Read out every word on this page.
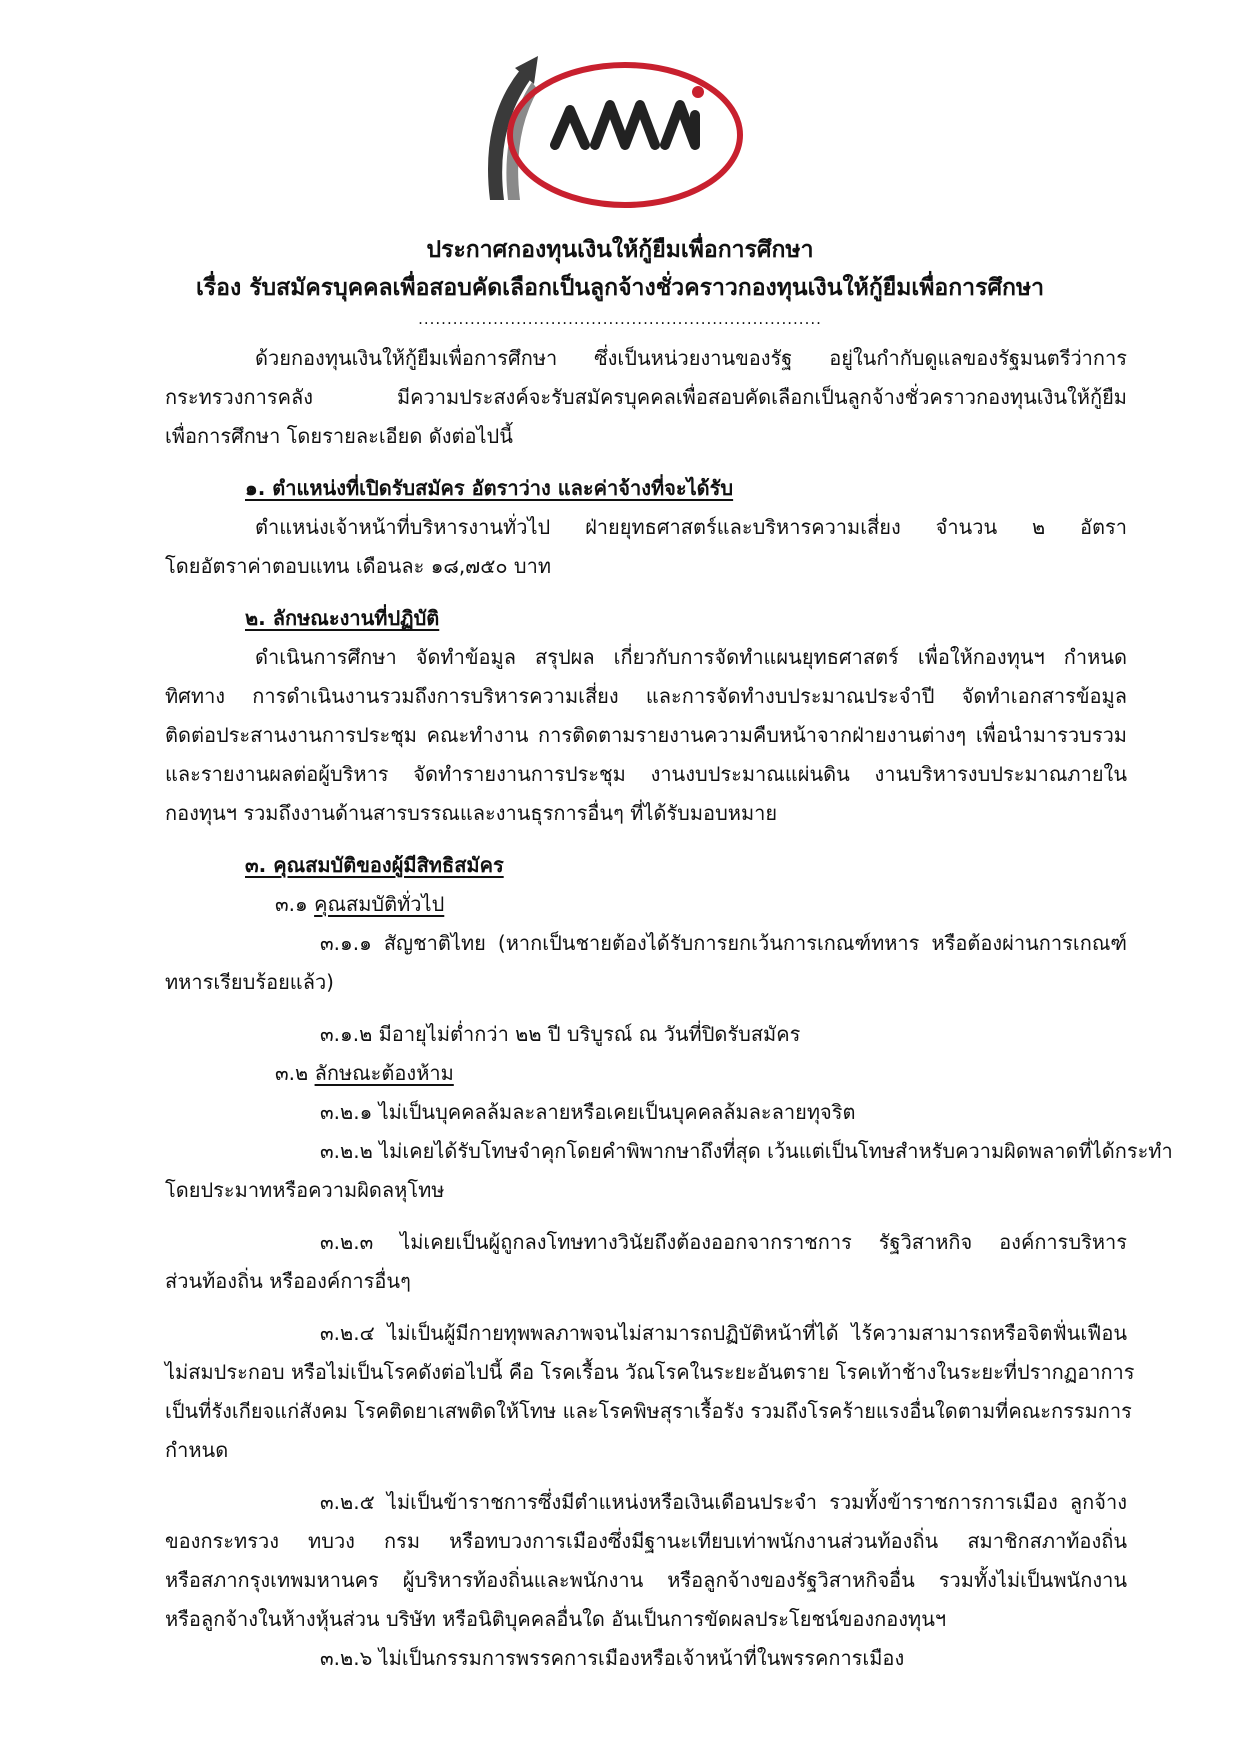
ประกาศกองทุนเงินให้กู้ยืมเพื่อการศึกษา
เรื่อง รับสมัครบุคคลเพื่อสอบคัดเลือกเป็นลูกจ้างชั่วคราวกองทุนเงินให้กู้ยืมเพื่อการศึกษา
......................................................................
ด้วยกองทุนเงินให้กู้ยืมเพื่อการศึกษา ซึ่งเป็นหน่วยงานของรัฐ อยู่ในกำกับดูแลของรัฐมนตรีว่าการ
กระทรวงการคลัง มีความประสงค์จะรับสมัครบุคคลเพื่อสอบคัดเลือกเป็นลูกจ้างชั่วคราวกองทุนเงินให้กู้ยืม
เพื่อการศึกษา โดยรายละเอียด ดังต่อไปนี้
๑. ตำแหน่งที่เปิดรับสมัคร อัตราว่าง และค่าจ้างที่จะได้รับ
ตำแหน่งเจ้าหน้าที่บริหารงานทั่วไป ฝ่ายยุทธศาสตร์และบริหารความเสี่ยง จำนวน ๒ อัตรา
โดยอัตราค่าตอบแทน เดือนละ ๑๘,๗๕๐ บาท
๒. ลักษณะงานที่ปฏิบัติ
ดำเนินการศึกษา จัดทำข้อมูล สรุปผล เกี่ยวกับการจัดทำแผนยุทธศาสตร์ เพื่อให้กองทุนฯ กำหนด
ทิศทาง การดำเนินงานรวมถึงการบริหารความเสี่ยง และการจัดทำงบประมาณประจำปี จัดทำเอกสารข้อมูล
ติดต่อประสานงานการประชุม คณะทำงาน การติดตามรายงานความคืบหน้าจากฝ่ายงานต่างๆ เพื่อนำมารวบรวม
และรายงานผลต่อผู้บริหาร จัดทำรายงานการประชุม งานงบประมาณแผ่นดิน งานบริหารงบประมาณภายใน
กองทุนฯ รวมถึงงานด้านสารบรรณและงานธุรการอื่นๆ ที่ได้รับมอบหมาย
๓. คุณสมบัติของผู้มีสิทธิสมัคร
๓.๑ คุณสมบัติทั่วไป
๓.๑.๑ สัญชาติไทย (หากเป็นชายต้องได้รับการยกเว้นการเกณฑ์ทหาร หรือต้องผ่านการเกณฑ์
ทหารเรียบร้อยแล้ว)
๓.๑.๒ มีอายุไม่ต่ำกว่า ๒๒ ปี บริบูรณ์ ณ วันที่ปิดรับสมัคร
๓.๒ ลักษณะต้องห้าม
๓.๒.๑ ไม่เป็นบุคคลล้มละลายหรือเคยเป็นบุคคลล้มละลายทุจริต
๓.๒.๒ ไม่เคยได้รับโทษจำคุกโดยคำพิพากษาถึงที่สุด เว้นแต่เป็นโทษสำหรับความผิดพลาดที่ได้กระทำ
โดยประมาทหรือความผิดลหุโทษ
๓.๒.๓ ไม่เคยเป็นผู้ถูกลงโทษทางวินัยถึงต้องออกจากราชการ รัฐวิสาหกิจ องค์การบริหาร
ส่วนท้องถิ่น หรือองค์การอื่นๆ
๓.๒.๔ ไม่เป็นผู้มีกายทุพพลภาพจนไม่สามารถปฏิบัติหน้าที่ได้ ไร้ความสามารถหรือจิตฟั่นเฟือน
ไม่สมประกอบ หรือไม่เป็นโรคดังต่อไปนี้ คือ โรคเรื้อน วัณโรคในระยะอันตราย โรคเท้าช้างในระยะที่ปรากฏอาการ
เป็นที่รังเกียจแก่สังคม โรคติดยาเสพติดให้โทษ และโรคพิษสุราเรื้อรัง รวมถึงโรคร้ายแรงอื่นใดตามที่คณะกรรมการ
กำหนด
๓.๒.๕ ไม่เป็นข้าราชการซึ่งมีตำแหน่งหรือเงินเดือนประจำ รวมทั้งข้าราชการการเมือง ลูกจ้าง
ของกระทรวง ทบวง กรม หรือทบวงการเมืองซึ่งมีฐานะเทียบเท่าพนักงานส่วนท้องถิ่น สมาชิกสภาท้องถิ่น
หรือสภากรุงเทพมหานคร ผู้บริหารท้องถิ่นและพนักงาน หรือลูกจ้างของรัฐวิสาหกิจอื่น รวมทั้งไม่เป็นพนักงาน
หรือลูกจ้างในห้างหุ้นส่วน บริษัท หรือนิติบุคคลอื่นใด อันเป็นการขัดผลประโยชน์ของกองทุนฯ
๓.๒.๖ ไม่เป็นกรรมการพรรคการเมืองหรือเจ้าหน้าที่ในพรรคการเมือง
